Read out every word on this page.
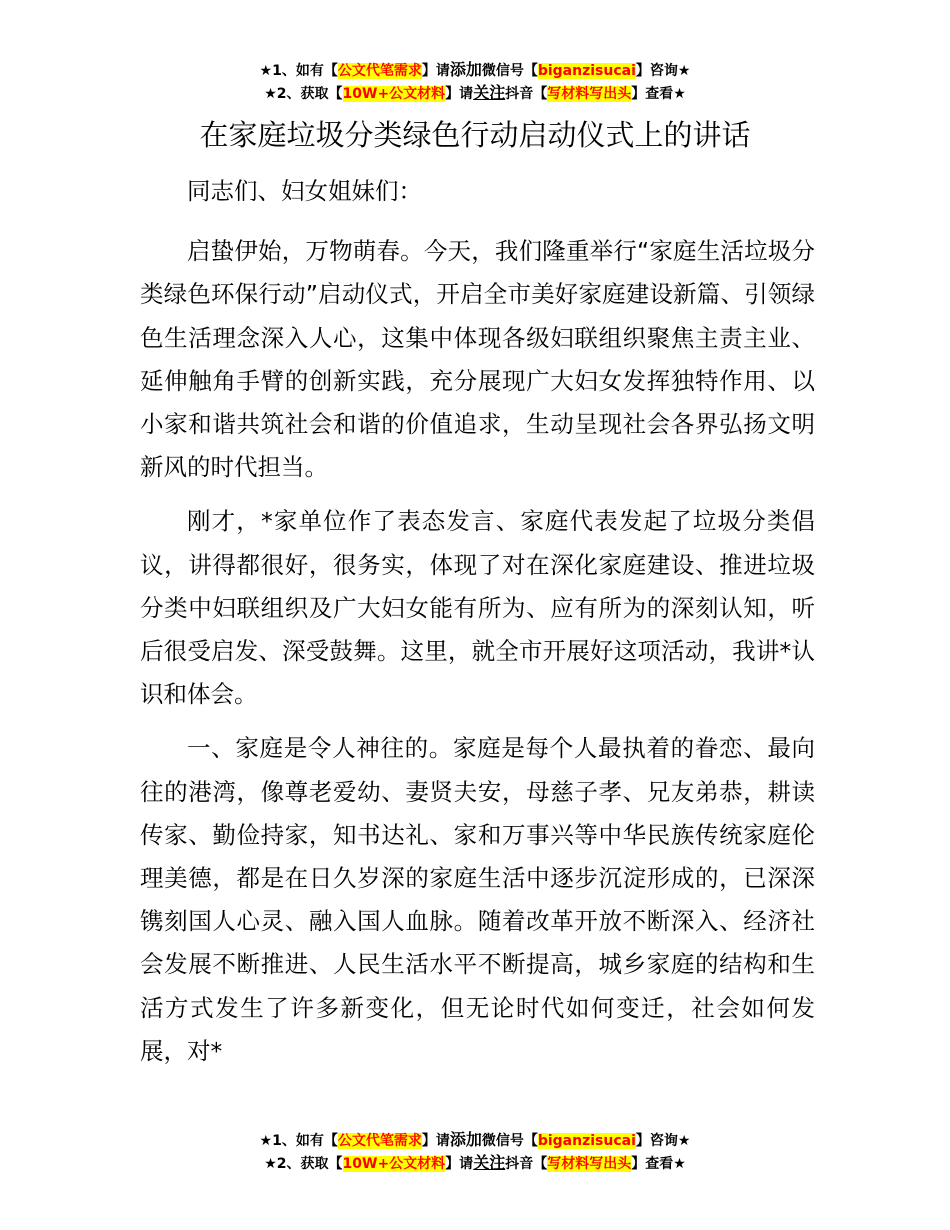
★1、如有【公文代笔需求】请添加微信号【biganzisucai】咨询★
★2、获取【10W+公文材料】请关注抖音【写材料写出头】查看★
在家庭垃圾分类绿色行动启动仪式上的讲话

同志们、妇女姐妹们：

启蛰伊始，万物萌春。今天，我们隆重举行“家庭生活垃圾分类绿色环保行动”启动仪式，开启全市美好家庭建设新篇、引领绿色生活理念深入人心，这集中体现各级妇联组织聚焦主责主业、延伸触角手臂的创新实践，充分展现广大妇女发挥独特作用、以小家和谐共筑社会和谐的价值追求，生动呈现社会各界弘扬文明新风的时代担当。

刚才，*家单位作了表态发言、家庭代表发起了垃圾分类倡议，讲得都很好，很务实，体现了对在深化家庭建设、推进垃圾分类中妇联组织及广大妇女能有所为、应有所为的深刻认知，听后很受启发、深受鼓舞。这里，就全市开展好这项活动，我讲*认识和体会。

一、家庭是令人神往的。家庭是每个人最执着的眷恋、最向往的港湾，像尊老爱幼、妻贤夫安，母慈子孝、兄友弟恭，耕读传家、勤俭持家，知书达礼、家和万事兴等中华民族传统家庭伦理美德，都是在日久岁深的家庭生活中逐步沉淀形成的，已深深镌刻国人心灵、融入国人血脉。随着改革开放不断深入、经济社会发展不断推进、人民生活水平不断提高，城乡家庭的结构和生活方式发生了许多新变化，但无论时代如何变迁，社会如何发展，对*

★1、如有【公文代笔需求】请添加微信号【biganzisucai】咨询★
★2、获取【10W+公文材料】请关注抖音【写材料写出头】查看★
